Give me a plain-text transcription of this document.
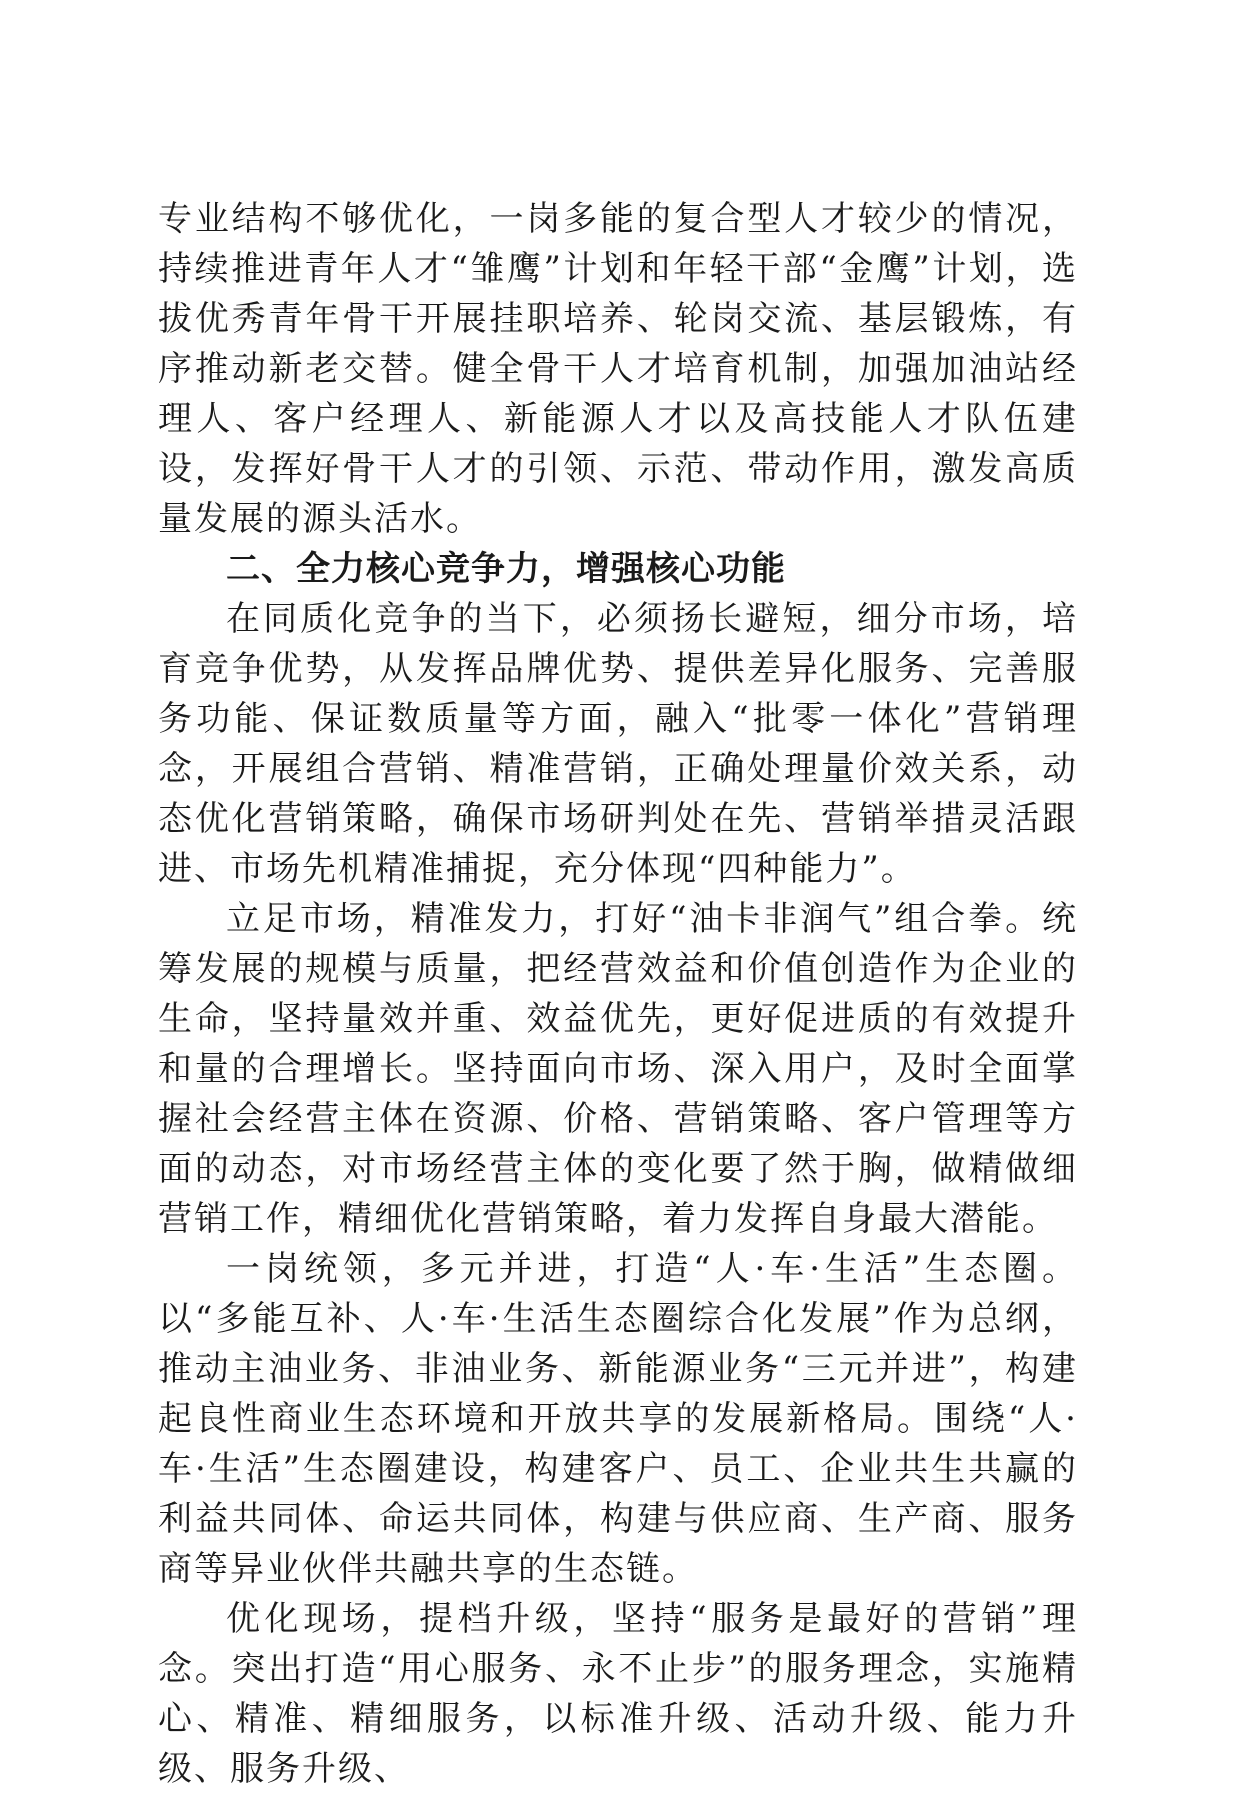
专业结构不够优化，一岗多能的复合型人才较少的情况，持续推进青年人才“雏鹰”计划和年轻干部“金鹰”计划，选拔优秀青年骨干开展挂职培养、轮岗交流、基层锻炼，有序推动新老交替。健全骨干人才培育机制，加强加油站经理人、客户经理人、新能源人才以及高技能人才队伍建设，发挥好骨干人才的引领、示范、带动作用，激发高质量发展的源头活水。

二、全力核心竞争力，增强核心功能

在同质化竞争的当下，必须扬长避短，细分市场，培育竞争优势，从发挥品牌优势、提供差异化服务、完善服务功能、保证数质量等方面，融入“批零一体化”营销理念，开展组合营销、精准营销，正确处理量价效关系，动态优化营销策略，确保市场研判处在先、营销举措灵活跟进、市场先机精准捕捉，充分体现“四种能力”。

立足市场，精准发力，打好“油卡非润气”组合拳。统筹发展的规模与质量，把经营效益和价值创造作为企业的生命，坚持量效并重、效益优先，更好促进质的有效提升和量的合理增长。坚持面向市场、深入用户，及时全面掌握社会经营主体在资源、价格、营销策略、客户管理等方面的动态，对市场经营主体的变化要了然于胸，做精做细营销工作，精细优化营销策略，着力发挥自身最大潜能。

一岗统领，多元并进，打造“人·车·生活”生态圈。以“多能互补、人·车·生活生态圈综合化发展”作为总纲，推动主油业务、非油业务、新能源业务“三元并进”，构建起良性商业生态环境和开放共享的发展新格局。围绕“人·车·生活”生态圈建设，构建客户、员工、企业共生共赢的利益共同体、命运共同体，构建与供应商、生产商、服务商等异业伙伴共融共享的生态链。

优化现场，提档升级，坚持“服务是最好的营销”理念。突出打造“用心服务、永不止步”的服务理念，实施精心、精准、精细服务，以标准升级、活动升级、能力升级、服务升级、
